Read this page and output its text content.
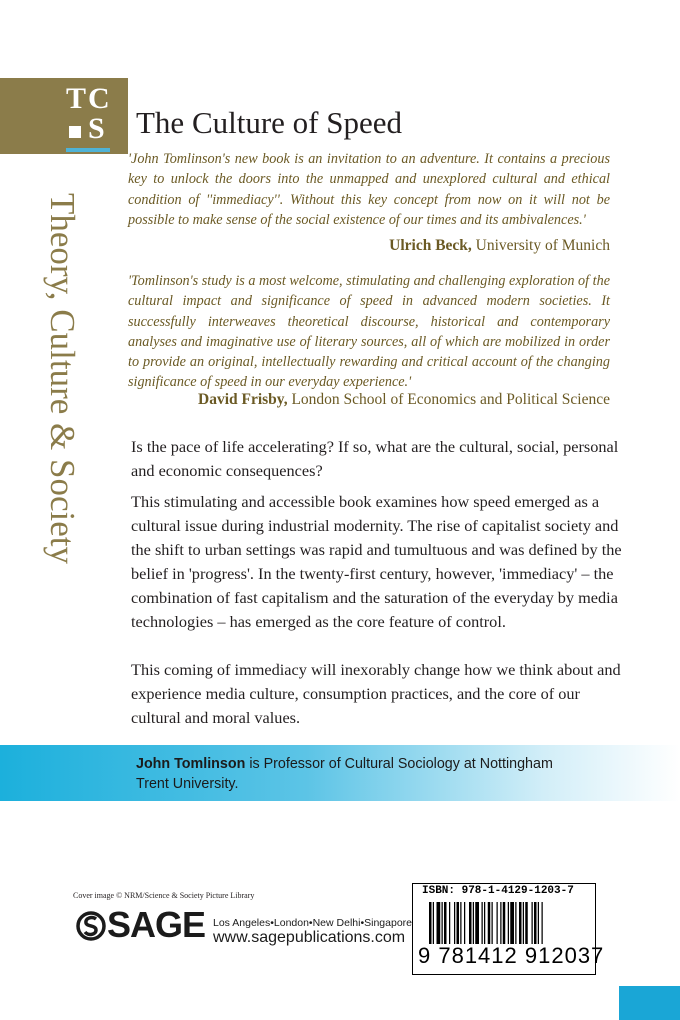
T C
S
Theory, Culture & Society
The Culture of Speed
'John Tomlinson's new book is an invitation to an adventure. It contains a precious key to unlock the doors into the unmapped and unexplored cultural and ethical condition of ''immediacy''. Without this key concept from now on it will not be possible to make sense of the social existence of our times and its ambivalences.'
Ulrich Beck, University of Munich
'Tomlinson's study is a most welcome, stimulating and challenging exploration of the cultural impact and significance of speed in advanced modern societies. It successfully interweaves theoretical discourse, historical and contemporary analyses and imaginative use of literary sources, all of which are mobilized in order to provide an original, intellectually rewarding and critical account of the changing significance of speed in our everyday experience.'
David Frisby, London School of Economics and Political Science
Is the pace of life accelerating? If so, what are the cultural, social, personal and economic consequences?
This stimulating and accessible book examines how speed emerged as a cultural issue during industrial modernity. The rise of capitalist society and the shift to urban settings was rapid and tumultuous and was defined by the belief in 'progress'. In the twenty-first century, however, 'immediacy' – the combination of fast capitalism and the saturation of the everyday by media technologies – has emerged as the core feature of control.
This coming of immediacy will inexorably change how we think about and experience media culture, consumption practices, and the core of our cultural and moral values.
John Tomlinson is Professor of Cultural Sociology at Nottingham Trent University.
Cover image © NRM/Science & Society Picture Library
SAGE Los Angeles•London•New Delhi•Singapore
www.sagepublications.com
ISBN: 978-1-4129-1203-7
9 781412 912037
